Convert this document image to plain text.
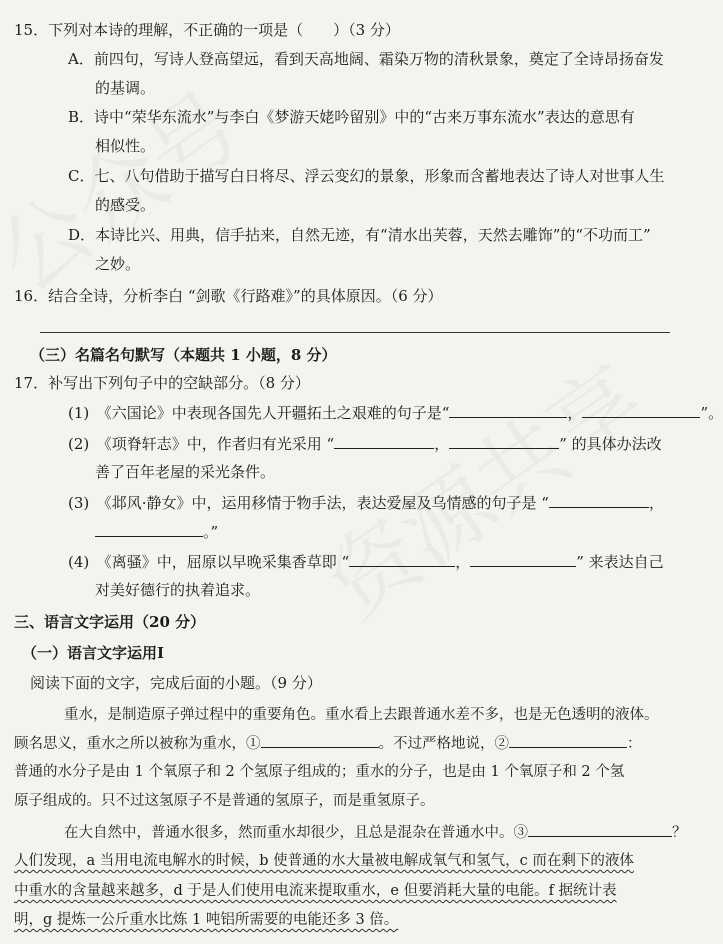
15．下列对本诗的理解，不正确的一项是（　　）（3 分）
A．前四句，写诗人登高望远，看到天高地阔、霜染万物的清秋景象，奠定了全诗昂扬奋发
的基调。
B．诗中“荣华东流水”与李白《梦游天姥吟留别》中的“古来万事东流水”表达的意思有
相似性。
C．七、八句借助于描写白日将尽、浮云变幻的景象，形象而含蓄地表达了诗人对世事人生
的感受。
D．本诗比兴、用典，信手拈来，自然无迹，有“清水出芙蓉，天然去雕饰”的“不功而工”
之妙。
16．结合全诗，分析李白 “剑歌《行路难》”的具体原因。（6 分）
（三）名篇名句默写（本题共 1 小题，8 分）
17．补写出下列句子中的空缺部分。（8 分）
(1)　《六国论》中表现各国先人开疆拓土之艰难的句子是“	，	”。
(2)　《项脊轩志》中，作者归有光采用 “	，	” 的具体办法改
善了百年老屋的采光条件。
(3)　《邶风·静女》中，运用移情于物手法，表达爱屋及乌情感的句子是 “	，
。”
(4)　《离骚》中，屈原以早晚采集香草即 “	，	” 来表达自己
对美好德行的执着追求。
三、语言文字运用（20 分）
（一）语言文字运用I
阅读下面的文字，完成后面的小题。（9 分）
重水，是制造原子弹过程中的重要角色。重水看上去跟普通水差不多，也是无色透明的液体。
顾名思义，重水之所以被称为重水，①	。不过严格地说，②	：
普通的水分子是由 1 个氧原子和 2 个氢原子组成的；重水的分子，也是由 1 个氧原子和 2 个氢
原子组成的。只不过这氢原子不是普通的氢原子，而是重氢原子。
在大自然中，普通水很多，然而重水却很少，且总是混杂在普通水中。③	？
人们发现，a 当用电流电解水的时候，b 使普通的水大量被电解成氧气和氢气，c 而在剩下的液体
中重水的含量越来越多，d 于是人们使用电流来提取重水，e 但要消耗大量的电能。f 据统计表
明，g 提炼一公斤重水比炼 1 吨铝所需要的电能还多 3 倍。
